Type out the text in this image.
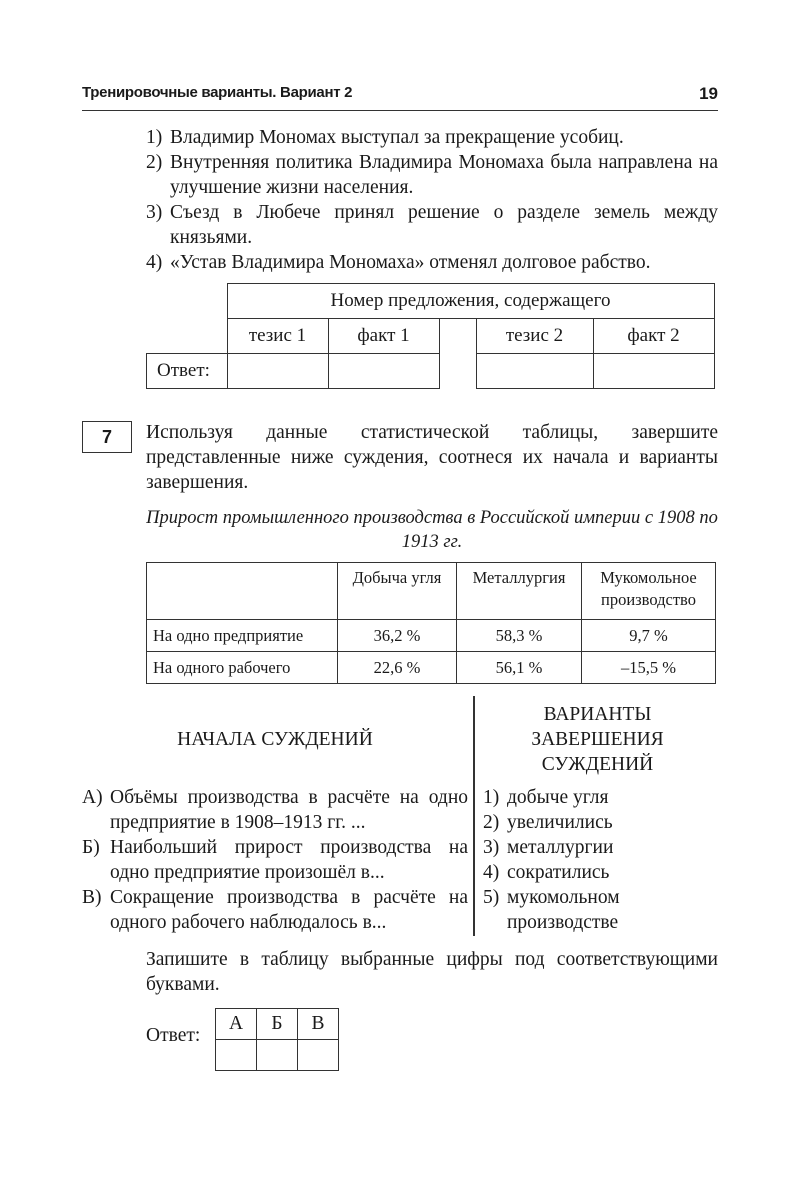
Тренировочные варианты. Вариант 2	19
1) Владимир Мономах выступал за прекращение усобиц.
2) Внутренняя политика Владимира Мономаха была направлена на улучшение жизни населения.
3) Съезд в Любече принял решение о разделе земель между князьями.
4) «Устав Владимира Мономаха» отменял долговое рабство.
	Номер предложения, содержащего				
	тезис 1	факт 1		тезис 2	факт 2
Ответ:					
7	Используя данные статистической таблицы, завершите представленные ниже суждения, соотнеся их начала и варианты завершения.
Прирост промышленного производства в Российской империи с 1908 по 1913 гг.
	Добыча угля	Металлургия	Мукомольное производство
На одно предприятие	36,2 %	58,3 %	9,7 %
На одного рабочего	22,6 %	56,1 %	–15,5 %
НАЧАЛА СУЖДЕНИЙ
ВАРИАНТЫ ЗАВЕРШЕНИЯ СУЖДЕНИЙ
А) Объёмы производства в расчёте на одно предприятие в 1908–1913 гг. ...
Б) Наибольший прирост производства на одно предприятие произошёл в...
В) Сокращение производства в расчёте на одного рабочего наблюдалось в...
1) добыче угля
2) увеличились
3) металлургии
4) сократились
5) мукомольном производстве
Запишите в таблицу выбранные цифры под соответствующими буквами.
Ответ:
А	Б	В
